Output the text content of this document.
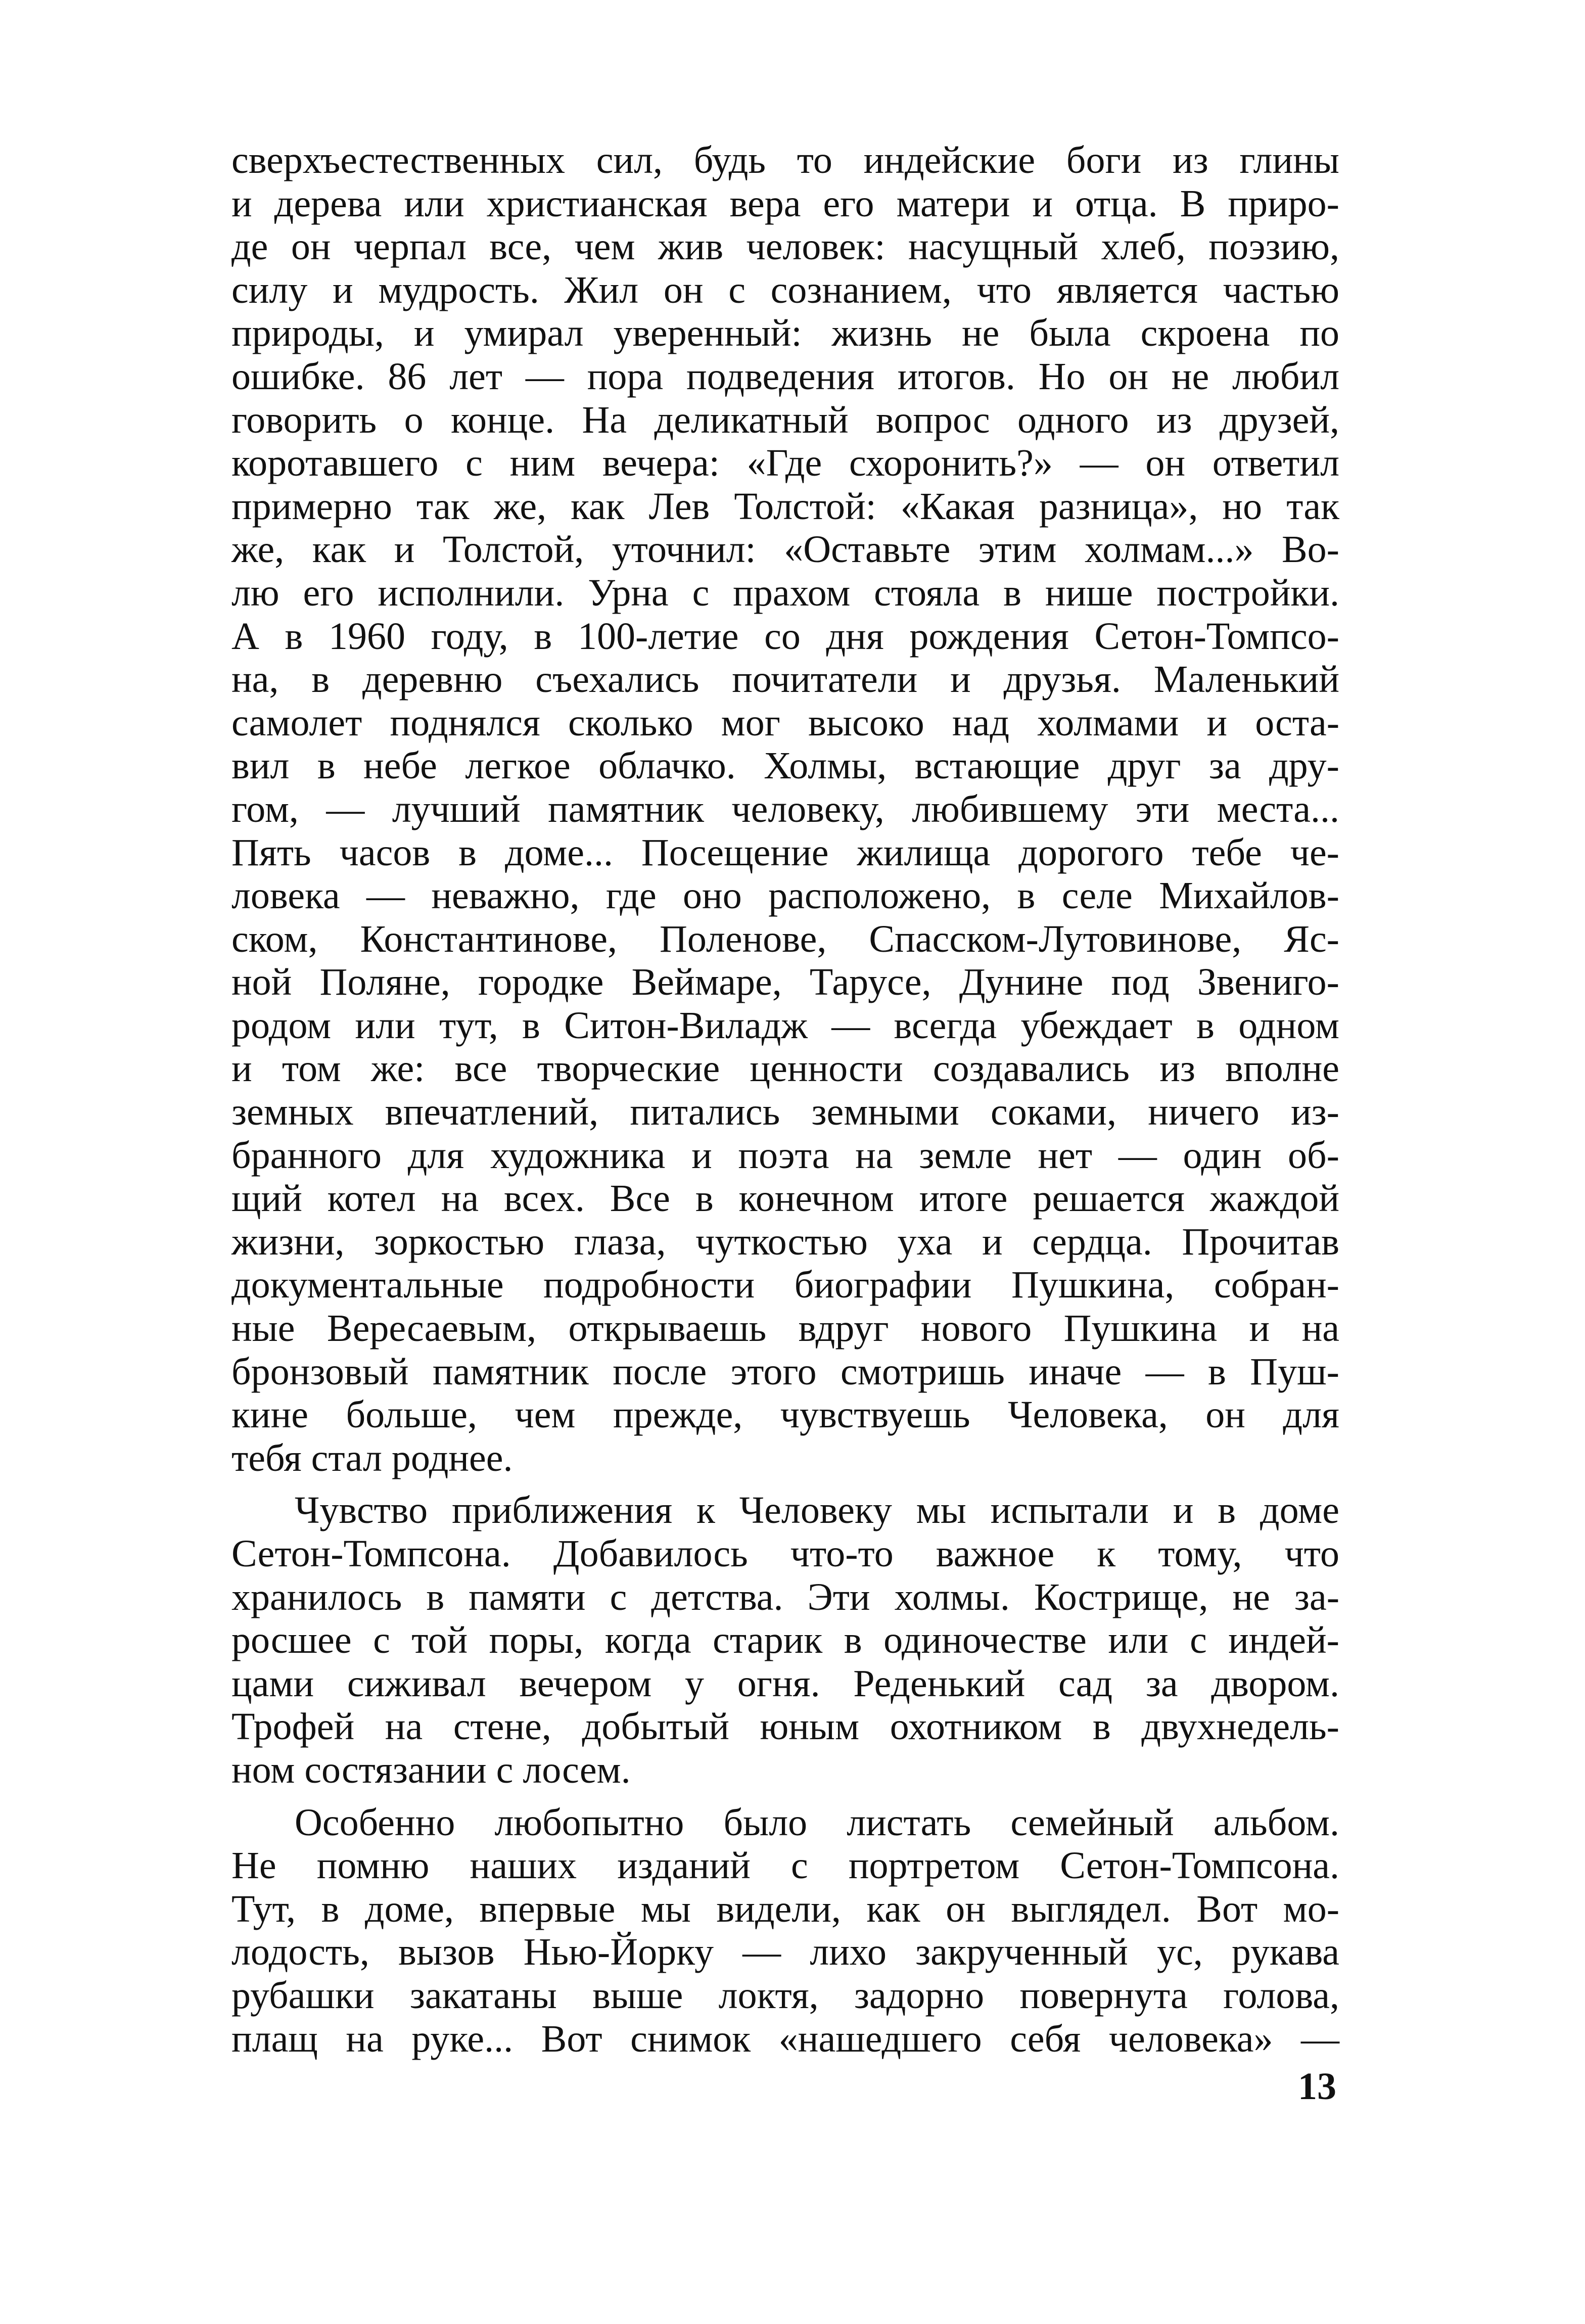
сверхъестественных сил, будь то индейские боги из глины
и дерева или христианская вера его матери и отца. В приро-
де он черпал все, чем жив человек: насущный хлеб, поэзию,
силу и мудрость. Жил он с сознанием, что является частью
природы, и умирал уверенный: жизнь не была скроена по
ошибке. 86 лет — пора подведения итогов. Но он не любил
говорить о конце. На деликатный вопрос одного из друзей,
коротавшего с ним вечера: «Где схоронить?» — он ответил
примерно так же, как Лев Толстой: «Какая разница», но так
же, как и Толстой, уточнил: «Оставьте этим холмам...» Во-
лю его исполнили. Урна с прахом стояла в нише постройки.
А в 1960 году, в 100-летие со дня рождения Сетон-Томпсо-
на, в деревню съехались почитатели и друзья. Маленький
самолет поднялся сколько мог высоко над холмами и оста-
вил в небе легкое облачко. Холмы, встающие друг за дру-
гом, — лучший памятник человеку, любившему эти места...
Пять часов в доме... Посещение жилища дорогого тебе че-
ловека — неважно, где оно расположено, в селе Михайлов-
ском, Константинове, Поленове, Спасском-Лутовинове, Яс-
ной Поляне, городке Веймаре, Тарусе, Дунине под Звениго-
родом или тут, в Ситон-Виладж — всегда убеждает в одном
и том же: все творческие ценности создавались из вполне
земных впечатлений, питались земными соками, ничего из-
бранного для художника и поэта на земле нет — один об-
щий котел на всех. Все в конечном итоге решается жаждой
жизни, зоркостью глаза, чуткостью уха и сердца. Прочитав
документальные подробности биографии Пушкина, собран-
ные Вересаевым, открываешь вдруг нового Пушкина и на
бронзовый памятник после этого смотришь иначе — в Пуш-
кине больше, чем прежде, чувствуешь Человека, он для
тебя стал роднее.
Чувство приближения к Человеку мы испытали и в доме
Сетон-Томпсона. Добавилось что-то важное к тому, что
хранилось в памяти с детства. Эти холмы. Кострище, не за-
росшее с той поры, когда старик в одиночестве или с индей-
цами сиживал вечером у огня. Реденький сад за двором.
Трофей на стене, добытый юным охотником в двухнедель-
ном состязании с лосем.
Особенно любопытно было листать семейный альбом.
Не помню наших изданий с портретом Сетон-Томпсона.
Тут, в доме, впервые мы видели, как он выглядел. Вот мо-
лодость, вызов Нью-Йорку — лихо закрученный ус, рукава
рубашки закатаны выше локтя, задорно повернута голова,
плащ на руке... Вот снимок «нашедшего себя человека» —
13
